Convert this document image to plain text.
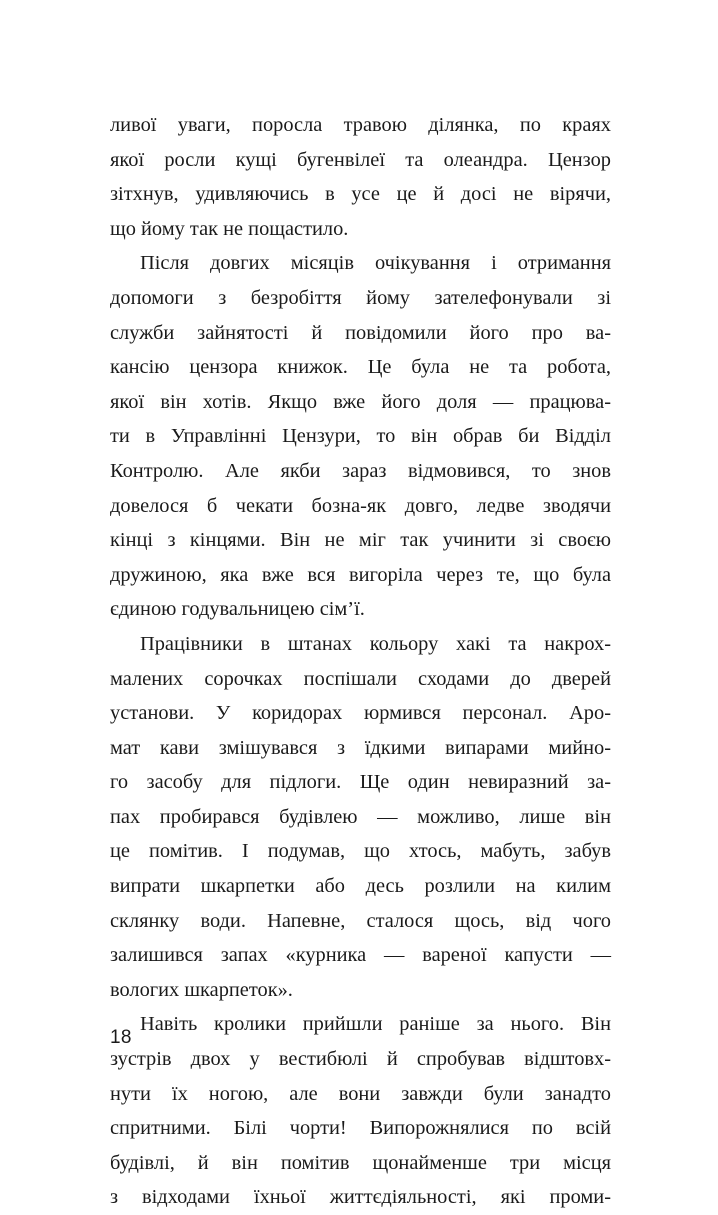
ливої уваги, поросла травою ділянка, по краях
якої росли кущі бугенвілеї та олеандра. Цензор
зітхнув, удивляючись в усе це й досі не вірячи,
що йому так не пощастило.
Після довгих місяців очікування і отримання
допомоги з безробіття йому зателефонували зі
служби зайнятості й повідомили його про ва-
кансію цензора книжок. Це була не та робота,
якої він хотів. Якщо вже його доля — працюва-
ти в Управлінні Цензури, то він обрав би Відділ
Контролю. Але якби зараз відмовився, то знов
довелося б чекати бозна-як довго, ледве зводячи
кінці з кінцями. Він не міг так учинити зі своєю
дружиною, яка вже вся вигоріла через те, що була
єдиною годувальницею сім’ї.
Працівники в штанах кольору хакі та накрох-
малених сорочках поспішали сходами до дверей
установи. У коридорах юрмився персонал. Аро-
мат кави змішувався з їдкими випарами мийно-
го засобу для підлоги. Ще один невиразний за-
пах пробирався будівлею — можливо, лише він
це помітив. І подумав, що хтось, мабуть, забув
випрати шкарпетки або десь розлили на килим
склянку води. Напевне, сталося щось, від чого
залишився запах «курника — вареної капусти —
вологих шкарпеток».
Навіть кролики прийшли раніше за нього. Він
зустрів двох у вестибюлі й спробував відштовх-
нути їх ногою, але вони завжди були занадто
спритними. Білі чорти! Випорожнялися по всій
будівлі, й він помітив щонайменше три місця
з відходами їхньої життєдіяльності, які проми-
18
